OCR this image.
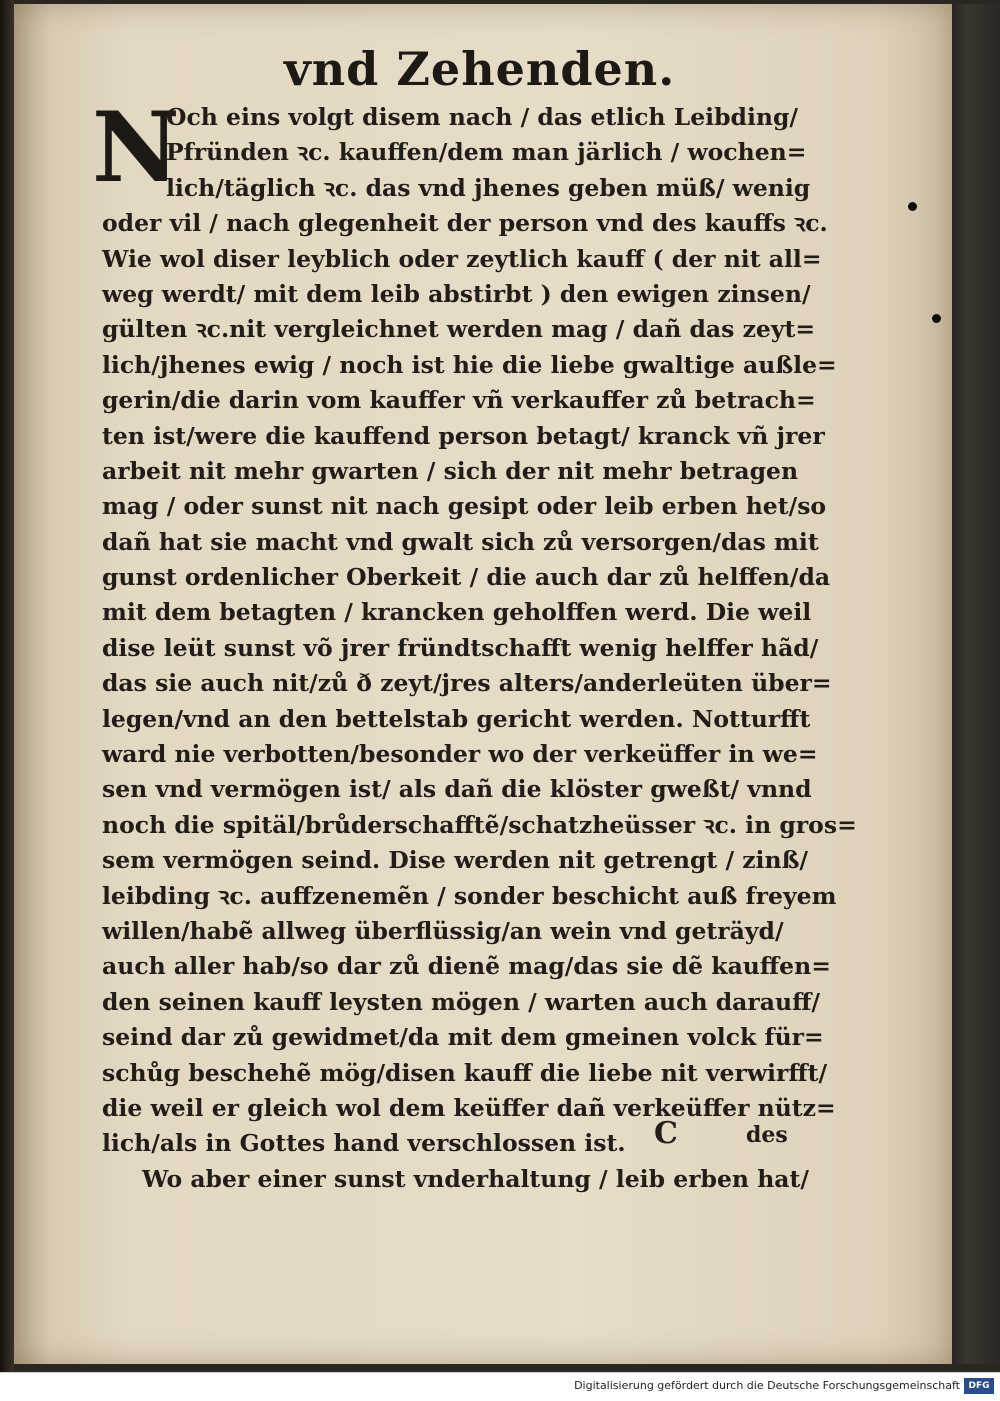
vnd Zehenden.
N
Och eins volgt disem nach / das etlich Leibding/
Pfründen ꝛc. kauffen/dem man järlich / wochen=
lich/täglich ꝛc. das vnd jhenes geben müß/ wenig
oder vil / nach glegenheit der person vnd des kauffs ꝛc.
Wie wol diser leyblich oder zeytlich kauff ( der nit all=
weg werdt/ mit dem leib abstirbt ) den ewigen zinsen/
gülten ꝛc.nit vergleichnet werden mag / dañ das zeyt=
lich/jhenes ewig / noch ist hie die liebe gwaltige außle=
gerin/die darin vom kauffer vñ verkauffer zů betrach=
ten ist/were die kauffend person betagt/ kranck vñ jrer
arbeit nit mehr gwarten / sich der nit mehr betragen
mag / oder sunst nit nach gesipt oder leib erben het/so
dañ hat sie macht vnd gwalt sich zů versorgen/das mit
gunst ordenlicher Oberkeit / die auch dar zů helffen/da
mit dem betagten / krancken geholffen werd. Die weil
dise leüt sunst võ jrer fründtschafft wenig helffer hãd/
das sie auch nit/zů ð zeyt/jres alters/anderleüten über=
legen/vnd an den bettelstab gericht werden. Notturfft
ward nie verbotten/besonder wo der verkeüffer in we=
sen vnd vermögen ist/ als dañ die klöster gweßt/ vnnd
noch die spitäl/brůderschafftẽ/schatzheüsser ꝛc. in gros=
sem vermögen seind. Dise werden nit getrengt / zinß/
leibding ꝛc. auffzenemẽn / sonder beschicht auß freyem
willen/habẽ allweg überflüssig/an wein vnd geträyd/
auch aller hab/so dar zů dienẽ mag/das sie dẽ kauffen=
den seinen kauff leysten mögen / warten auch darauff/
seind dar zů gewidmet/da mit dem gmeinen volck für=
schůg beschehẽ mög/disen kauff die liebe nit verwirfft/
die weil er gleich wol dem keüffer dañ verkeüffer nütz=
lich/als in Gottes hand verschlossen ist.
Wo aber einer sunst vnderhaltung / leib erben hat/
C	des
Digitalisierung gefördert durch die Deutsche Forschungsgemeinschaft DFG
